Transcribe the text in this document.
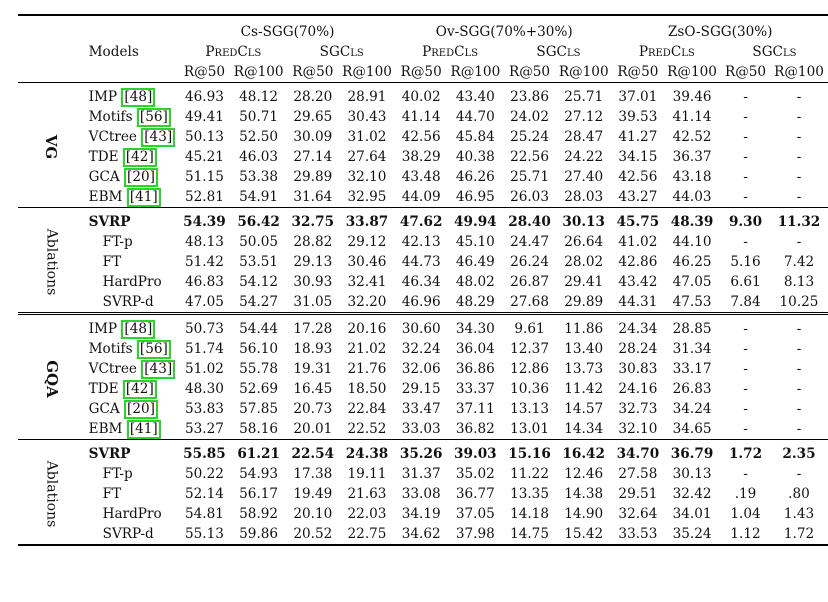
		Cs-SGG(70%)				Ov-SGG(70%+30%)				ZsO-SGG(30%)			
	Models	PredCls		SGCls		PredCls		SGCls		PredCls		SGCls	
		R@50	R@100	R@50	R@100	R@50	R@100	R@50	R@100	R@50	R@100	R@50	R@100
VG	IMP [48]	46.93	48.12	28.20	28.91	40.02	43.40	23.86	25.71	37.01	39.46	-	-
	Motifs [56]	49.41	50.71	29.65	30.43	41.14	44.70	24.02	27.12	39.53	41.14	-	-
	VCtree [43]	50.13	52.50	30.09	31.02	42.56	45.84	25.24	28.47	41.27	42.52	-	-
	TDE [42]	45.21	46.03	27.14	27.64	38.29	40.38	22.56	24.22	34.15	36.37	-	-
	GCA [20]	51.15	53.38	29.89	32.10	43.48	46.26	25.71	27.40	42.56	43.18	-	-
	EBM [41]	52.81	54.91	31.64	32.95	44.09	46.95	26.03	28.03	43.27	44.03	-	-
Ablations	SVRP	54.39	56.42	32.75	33.87	47.62	49.94	28.40	30.13	45.75	48.39	9.30	11.32
	FT-p	48.13	50.05	28.82	29.12	42.13	45.10	24.47	26.64	41.02	44.10	-	-
	FT	51.42	53.51	29.13	30.46	44.73	46.49	26.24	28.02	42.86	46.25	5.16	7.42
	HardPro	46.83	54.12	30.93	32.41	46.34	48.02	26.87	29.41	43.42	47.05	6.61	8.13
	SVRP-d	47.05	54.27	31.05	32.20	46.96	48.29	27.68	29.89	44.31	47.53	7.84	10.25
GQA	IMP [48]	50.73	54.44	17.28	20.16	30.60	34.30	9.61	11.86	24.34	28.85	-	-
	Motifs [56]	51.74	56.10	18.93	21.02	32.24	36.04	12.37	13.40	28.24	31.34	-	-
	VCtree [43]	51.02	55.78	19.31	21.76	32.06	36.86	12.86	13.73	30.83	33.17	-	-
	TDE [42]	48.30	52.69	16.45	18.50	29.15	33.37	10.36	11.42	24.16	26.83	-	-
	GCA [20]	53.83	57.85	20.73	22.84	33.47	37.11	13.13	14.57	32.73	34.24	-	-
	EBM [41]	53.27	58.16	20.01	22.52	33.03	36.82	13.01	14.34	32.10	34.65	-	-
Ablations	SVRP	55.85	61.21	22.54	24.38	35.26	39.03	15.16	16.42	34.70	36.79	1.72	2.35
	FT-p	50.22	54.93	17.38	19.11	31.37	35.02	11.22	12.46	27.58	30.13	-	-
	FT	52.14	56.17	19.49	21.63	33.08	36.77	13.35	14.38	29.51	32.42	.19	.80
	HardPro	54.81	58.92	20.10	22.03	34.19	37.05	14.18	14.90	32.64	34.01	1.04	1.43
	SVRP-d	55.13	59.86	20.52	22.75	34.62	37.98	14.75	15.42	33.53	35.24	1.12	1.72
